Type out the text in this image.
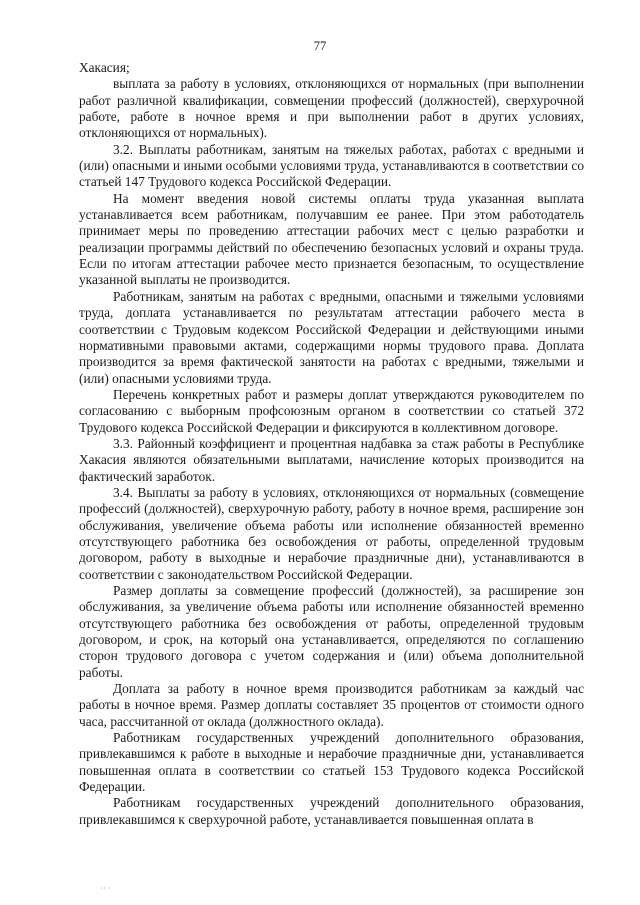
77

Хакасия;

выплата за работу в условиях, отклоняющихся от нормальных (при выполнении работ различной квалификации, совмещении профессий (должностей), сверхурочной работе, работе в ночное время и при выполнении работ в других условиях, отклоняющихся от нормальных).

3.2. Выплаты работникам, занятым на тяжелых работах, работах с вредными и (или) опасными и иными особыми условиями труда, устанавливаются в соответствии со статьей 147 Трудового кодекса Российской Федерации.

На момент введения новой системы оплаты труда указанная выплата устанавливается всем работникам, получавшим ее ранее. При этом работодатель принимает меры по проведению аттестации рабочих мест с целью разработки и реализации программы действий по обеспечению безопасных условий и охраны труда. Если по итогам аттестации рабочее место признается безопасным, то осуществление указанной выплаты не производится.

Работникам, занятым на работах с вредными, опасными и тяжелыми условиями труда, доплата устанавливается по результатам аттестации рабочего места в соответствии с Трудовым кодексом Российской Федерации и действующими иными нормативными правовыми актами, содержащими нормы трудового права. Доплата производится за время фактической занятости на работах с вредными, тяжелыми и (или) опасными условиями труда.

Перечень конкретных работ и размеры доплат утверждаются руководителем по согласованию с выборным профсоюзным органом в соответствии со статьей 372 Трудового кодекса Российской Федерации и фиксируются в коллективном договоре.

3.3. Районный коэффициент и процентная надбавка за стаж работы в Республике Хакасия являются обязательными выплатами, начисление которых производится на фактический заработок.

3.4. Выплаты за работу в условиях, отклоняющихся от нормальных (совмещение профессий (должностей), сверхурочную работу, работу в ночное время, расширение зон обслуживания, увеличение объема работы или исполнение обязанностей временно отсутствующего работника без освобождения от работы, определенной трудовым договором, работу в выходные и нерабочие праздничные дни), устанавливаются в соответствии с законодательством Российской Федерации.

Размер доплаты за совмещение профессий (должностей), за расширение зон обслуживания, за увеличение объема работы или исполнение обязанностей временно отсутствующего работника без освобождения от работы, определенной трудовым договором, и срок, на который она устанавливается, определяются по соглашению сторон трудового договора с учетом содержания и (или) объема дополнительной работы.

Доплата за работу в ночное время производится работникам за каждый час работы в ночное время. Размер доплаты составляет 35 процентов от стоимости одного часа, рассчитанной от оклада (должностного оклада).

Работникам государственных учреждений дополнительного образования, привлекавшимся к работе в выходные и нерабочие праздничные дни, устанавливается повышенная оплата в соответствии со статьей 153 Трудового кодекса Российской Федерации.

Работникам государственных учреждений дополнительного образования, привлекавшимся к сверхурочной работе, устанавливается повышенная оплата в

···
